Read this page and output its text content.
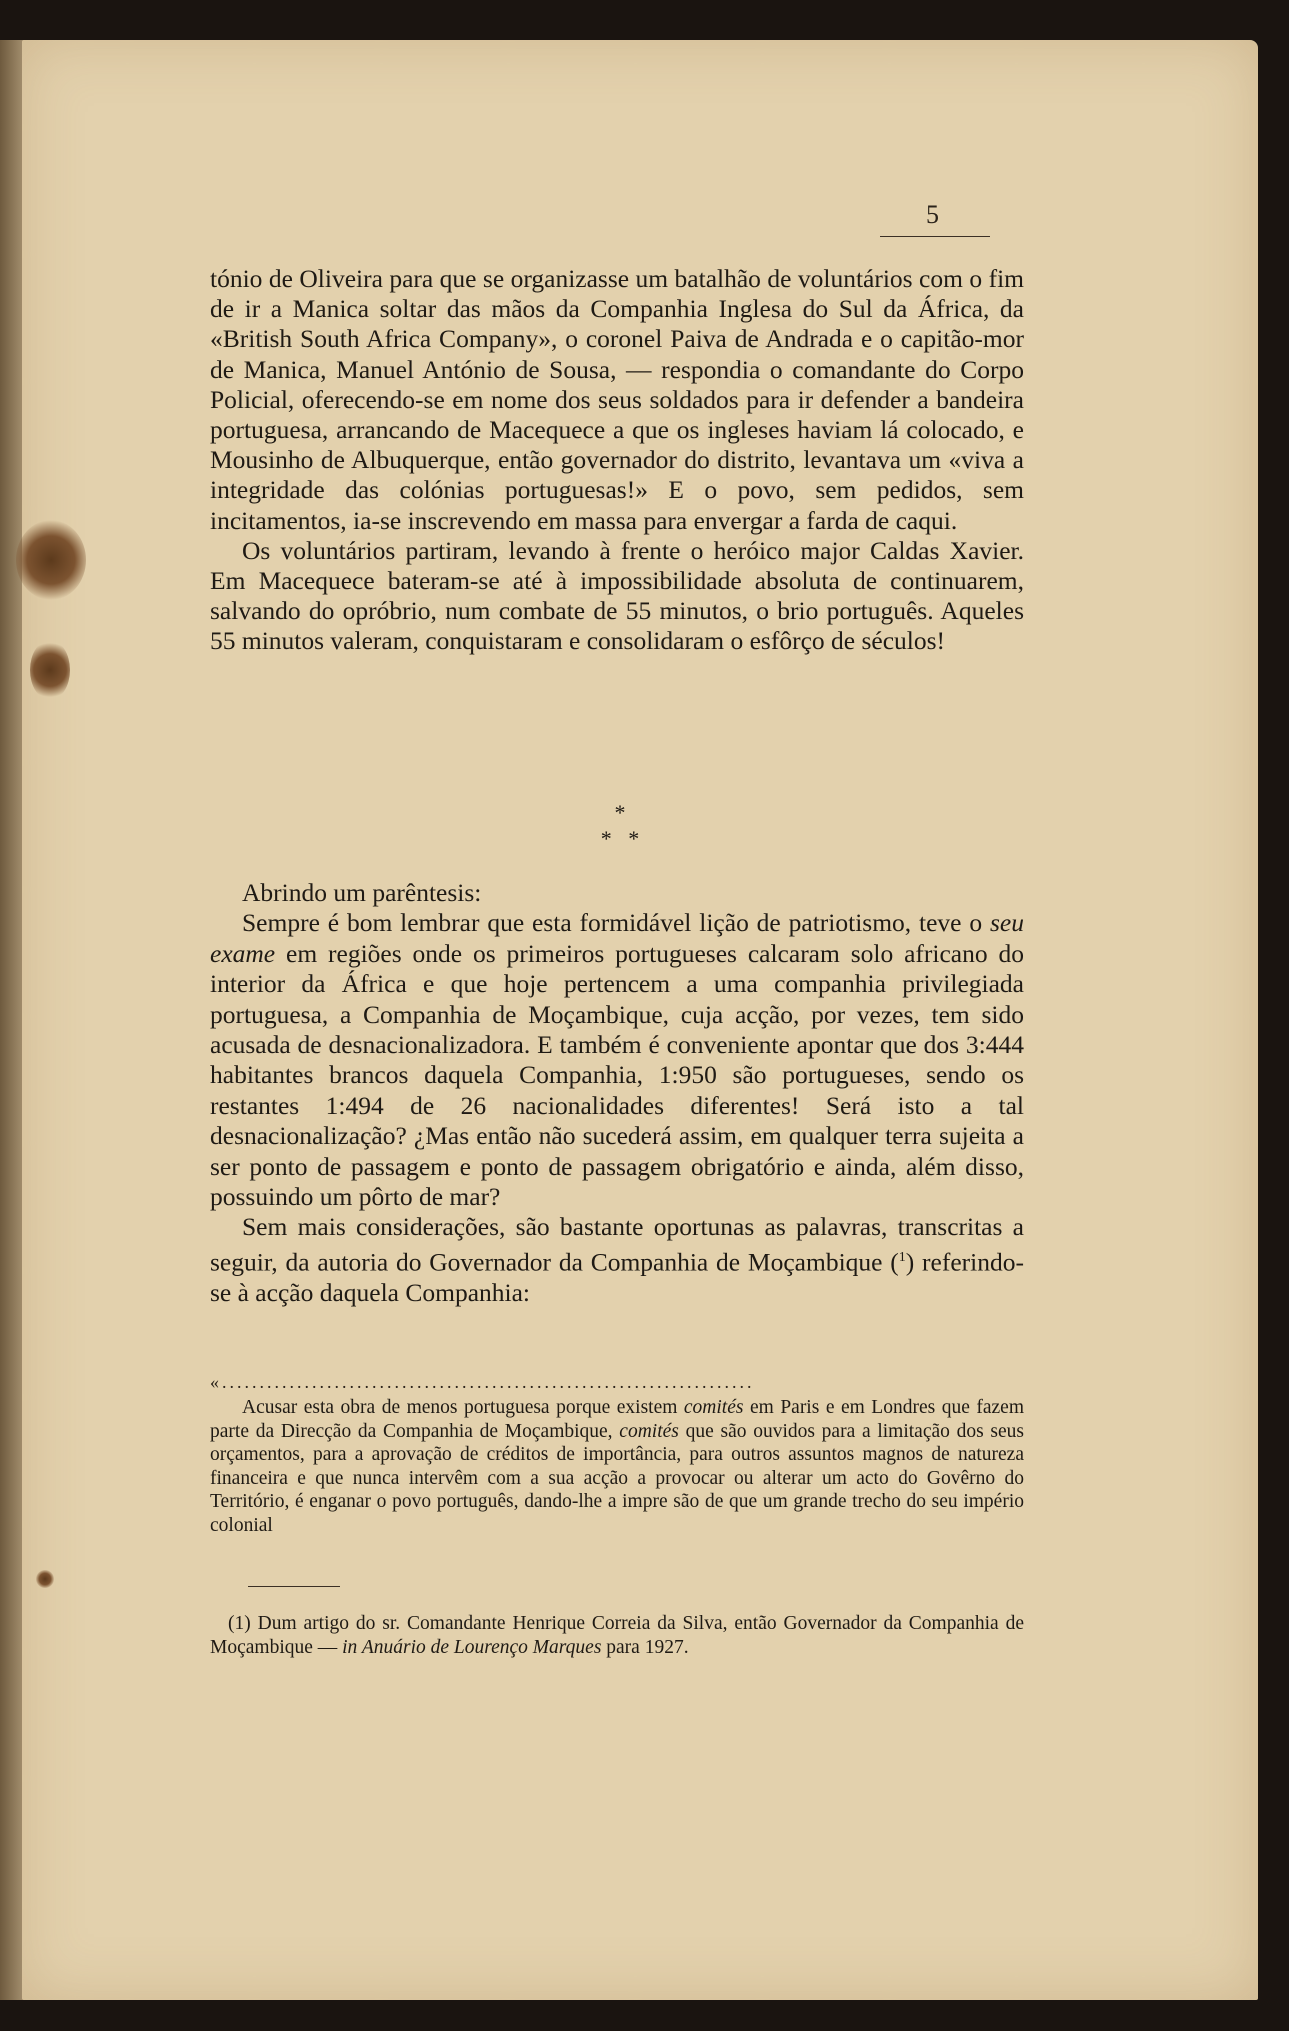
5

tónio de Oliveira para que se organizasse um batalhão de voluntários com o fim de ir a Manica soltar das mãos da Companhia Inglesa do Sul da África, da «British South Africa Company», o coronel Paiva de Andrada e o capitão-mor de Manica, Manuel António de Sousa, — respondia o comandante do Corpo Policial, oferecendo-se em nome dos seus soldados para ir defender a bandeira portuguesa, arrancando de Macequece a que os ingleses haviam lá colocado, e Mousinho de Albuquerque, então governador do distrito, levantava um «viva a integridade das colónias portuguesas!» E o povo, sem pedidos, sem incitamentos, ia-se inscrevendo em massa para envergar a farda de caqui.

Os voluntários partiram, levando à frente o heróico major Caldas Xavier. Em Macequece bateram-se até à impossibilidade absoluta de continuarem, salvando do opróbrio, num combate de 55 minutos, o brio português. Aqueles 55 minutos valeram, conquistaram e consolidaram o esfôrço de séculos!

*
*   *

Abrindo um parêntesis:

Sempre é bom lembrar que esta formidável lição de patriotismo, teve o seu exame em regiões onde os primeiros portugueses calcaram solo africano do interior da África e que hoje pertencem a uma companhia privilegiada portuguesa, a Companhia de Moçambique, cuja acção, por vezes, tem sido acusada de desnacionalizadora. E também é conveniente apontar que dos 3:444 habitantes brancos daquela Companhia, 1:950 são portugueses, sendo os restantes 1:494 de 26 nacionalidades diferentes! Será isto a tal desnacionalização? ¿Mas então não sucederá assim, em qualquer terra sujeita a ser ponto de passagem e ponto de passagem obrigatório e ainda, além disso, possuindo um pôrto de mar?

Sem mais considerações, são bastante oportunas as palavras, transcritas a seguir, da autoria do Governador da Companhia de Moçambique ($^1$) referindo-se à acção daquela Companhia:

«.......................................................................

Acusar esta obra de menos portuguesa porque existem comités em Paris e em Londres que fazem parte da Direcção da Companhia de Moçambique, comités que são ouvidos para a limitação dos seus orçamentos, para a aprovação de créditos de importância, para outros assuntos magnos de natureza financeira e que nunca intervêm com a sua acção a provocar ou alterar um acto do Govêrno do Território, é enganar o povo português, dando-lhe a impre são de que um grande trecho do seu império colonial

(1) Dum artigo do sr. Comandante Henrique Correia da Silva, então Governador da Companhia de Moçambique — in Anuário de Lourenço Marques para 1927.
